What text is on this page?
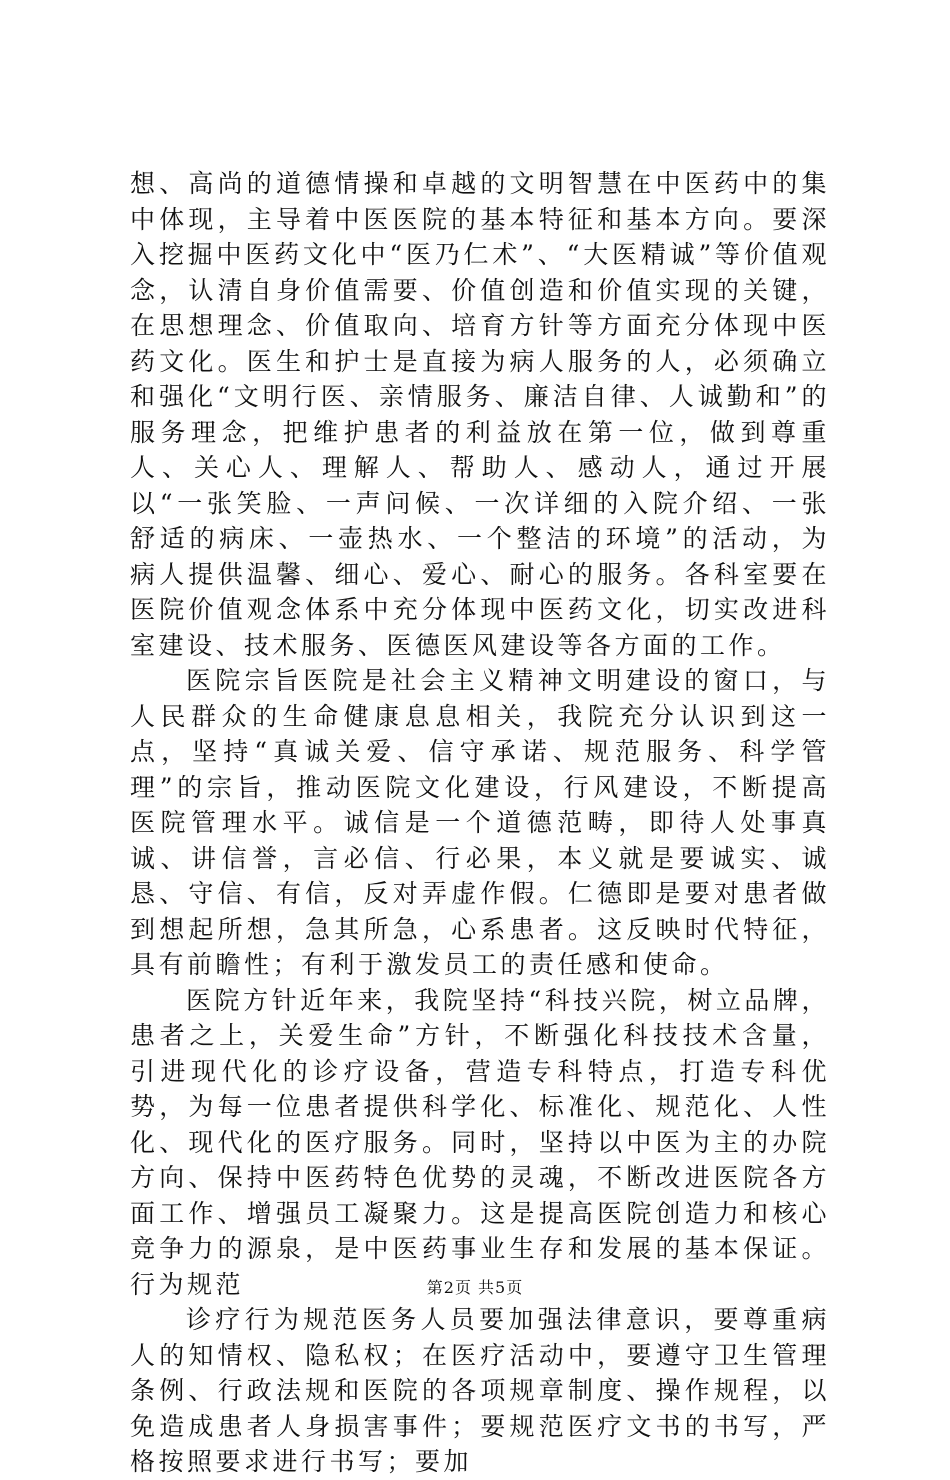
想、高尚的道德情操和卓越的文明智慧在中医药中的集中体现，主导着中医医院的基本特征和基本方向。要深入挖掘中医药文化中“医乃仁术”、“大医精诚”等价值观念，认清自身价值需要、价值创造和价值实现的关键，在思想理念、价值取向、培育方针等方面充分体现中医药文化。医生和护士是直接为病人服务的人，必须确立和强化“文明行医、亲情服务、廉洁自律、人诚勤和”的服务理念，把维护患者的利益放在第一位，做到尊重人、关心人、理解人、帮助人、感动人，通过开展以“一张笑脸、一声问候、一次详细的入院介绍、一张舒适的病床、一壶热水、一个整洁的环境”的活动，为病人提供温馨、细心、爱心、耐心的服务。各科室要在医院价值观念体系中充分体现中医药文化，切实改进科室建设、技术服务、医德医风建设等各方面的工作。

医院宗旨医院是社会主义精神文明建设的窗口，与人民群众的生命健康息息相关，我院充分认识到这一点，坚持“真诚关爱、信守承诺、规范服务、科学管理”的宗旨，推动医院文化建设，行风建设，不断提高医院管理水平。诚信是一个道德范畴，即待人处事真诚、讲信誉，言必信、行必果，本义就是要诚实、诚恳、守信、有信，反对弄虚作假。仁德即是要对患者做到想起所想，急其所急，心系患者。这反映时代特征，具有前瞻性；有利于激发员工的责任感和使命。

医院方针近年来，我院坚持“科技兴院，树立品牌，患者之上，关爱生命”方针，不断强化科技技术含量，引进现代化的诊疗设备，营造专科特点，打造专科优势，为每一位患者提供科学化、标准化、规范化、人性化、现代化的医疗服务。同时，坚持以中医为主的办院方向、保持中医药特色优势的灵魂，不断改进医院各方面工作、增强员工凝聚力。这是提高医院创造力和核心竞争力的源泉，是中医药事业生存和发展的基本保证。行为规范

诊疗行为规范医务人员要加强法律意识，要尊重病人的知情权、隐私权；在医疗活动中，要遵守卫生管理条例、行政法规和医院的各项规章制度、操作规程，以免造成患者人身损害事件；要规范医疗文书的书写，严格按照要求进行书写；要加

第2页 共5页
